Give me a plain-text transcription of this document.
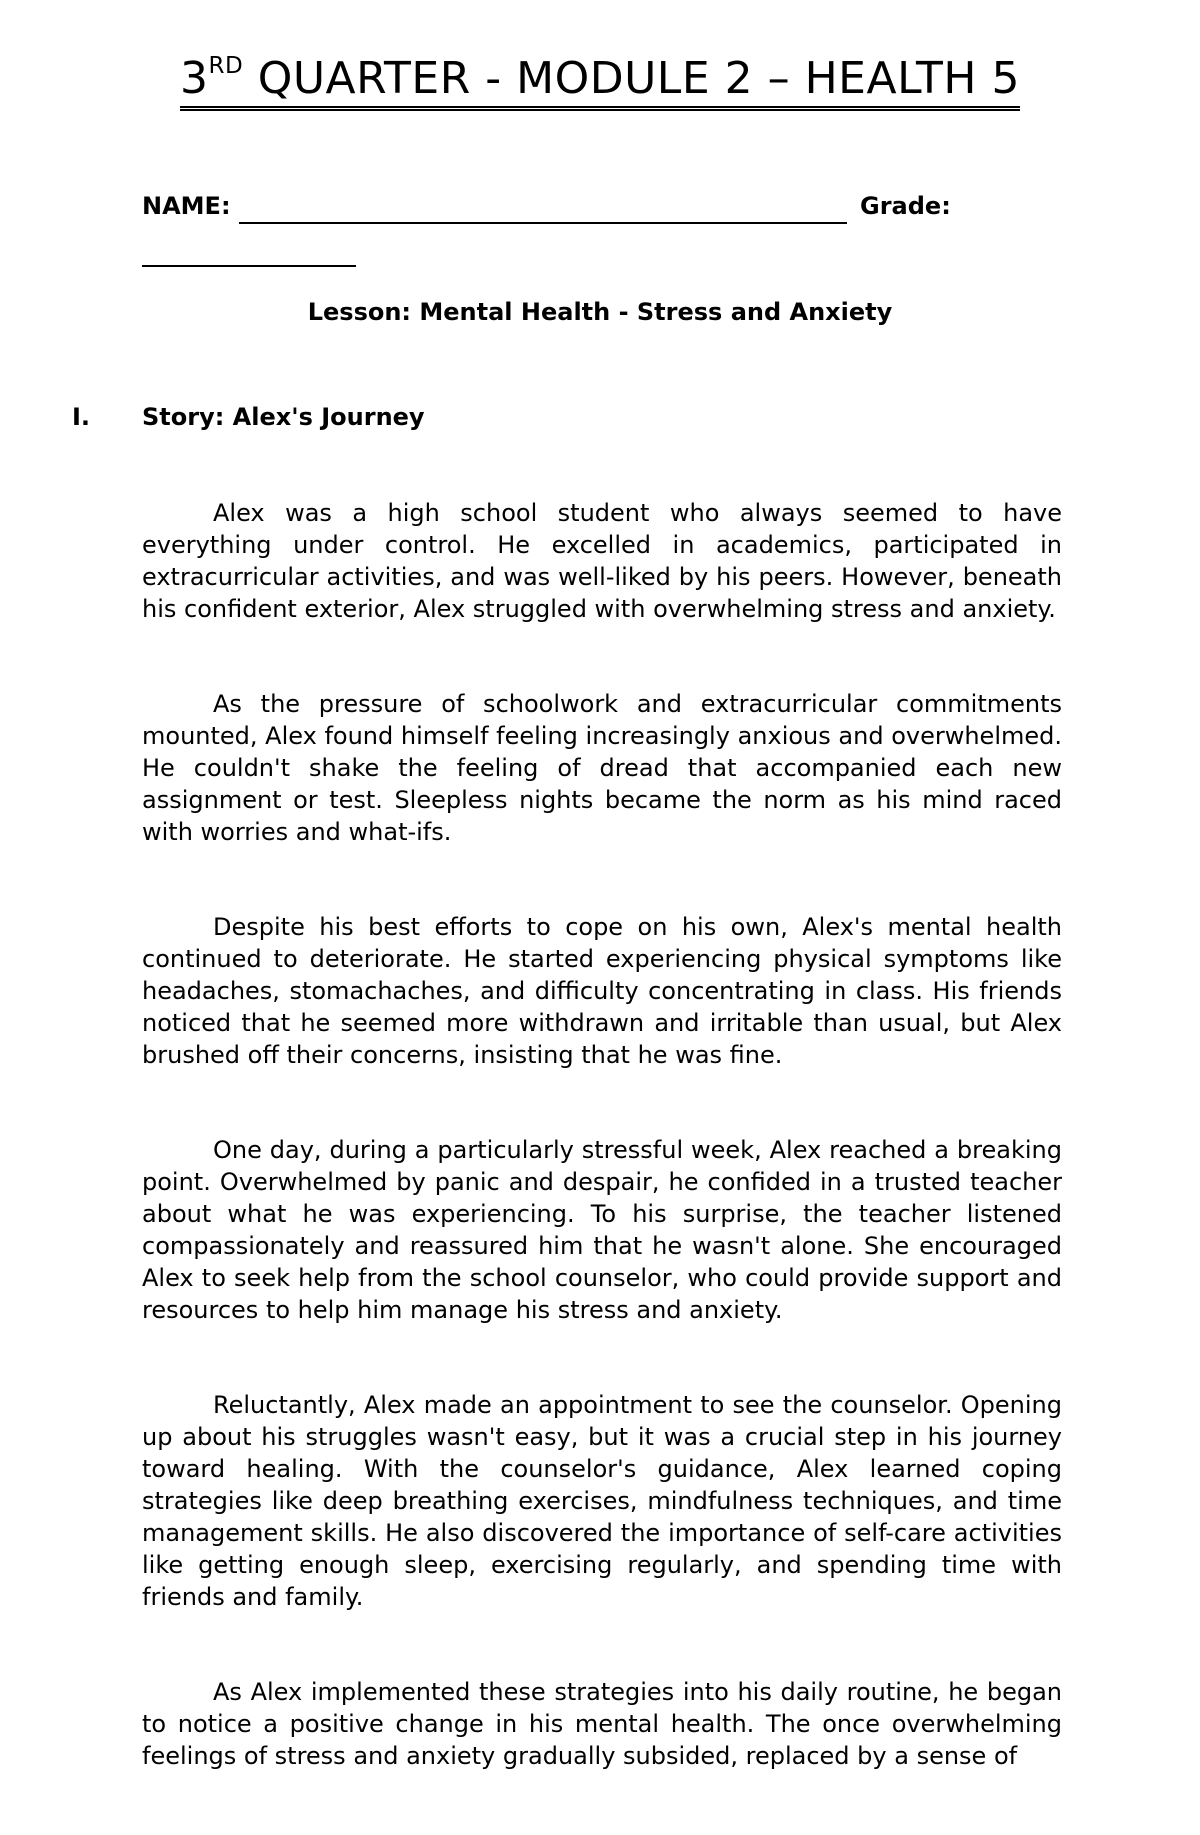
3RD QUARTER - MODULE 2 – HEALTH 5
NAME:	Grade:
Lesson: Mental Health - Stress and Anxiety
I. Story: Alex's Journey

Alex was a high school student who always seemed to have everything under control. He excelled in academics, participated in extracurricular activities, and was well-liked by his peers. However, beneath his confident exterior, Alex struggled with overwhelming stress and anxiety.

As the pressure of schoolwork and extracurricular commitments mounted, Alex found himself feeling increasingly anxious and overwhelmed. He couldn't shake the feeling of dread that accompanied each new assignment or test. Sleepless nights became the norm as his mind raced with worries and what-ifs.

Despite his best efforts to cope on his own, Alex's mental health continued to deteriorate. He started experiencing physical symptoms like headaches, stomachaches, and difficulty concentrating in class. His friends noticed that he seemed more withdrawn and irritable than usual, but Alex brushed off their concerns, insisting that he was fine.

One day, during a particularly stressful week, Alex reached a breaking point. Overwhelmed by panic and despair, he confided in a trusted teacher about what he was experiencing. To his surprise, the teacher listened compassionately and reassured him that he wasn't alone. She encouraged Alex to seek help from the school counselor, who could provide support and resources to help him manage his stress and anxiety.

Reluctantly, Alex made an appointment to see the counselor. Opening up about his struggles wasn't easy, but it was a crucial step in his journey toward healing. With the counselor's guidance, Alex learned coping strategies like deep breathing exercises, mindfulness techniques, and time management skills. He also discovered the importance of self-care activities like getting enough sleep, exercising regularly, and spending time with friends and family.

As Alex implemented these strategies into his daily routine, he began to notice a positive change in his mental health. The once overwhelming feelings of stress and anxiety gradually subsided, replaced by a sense of
